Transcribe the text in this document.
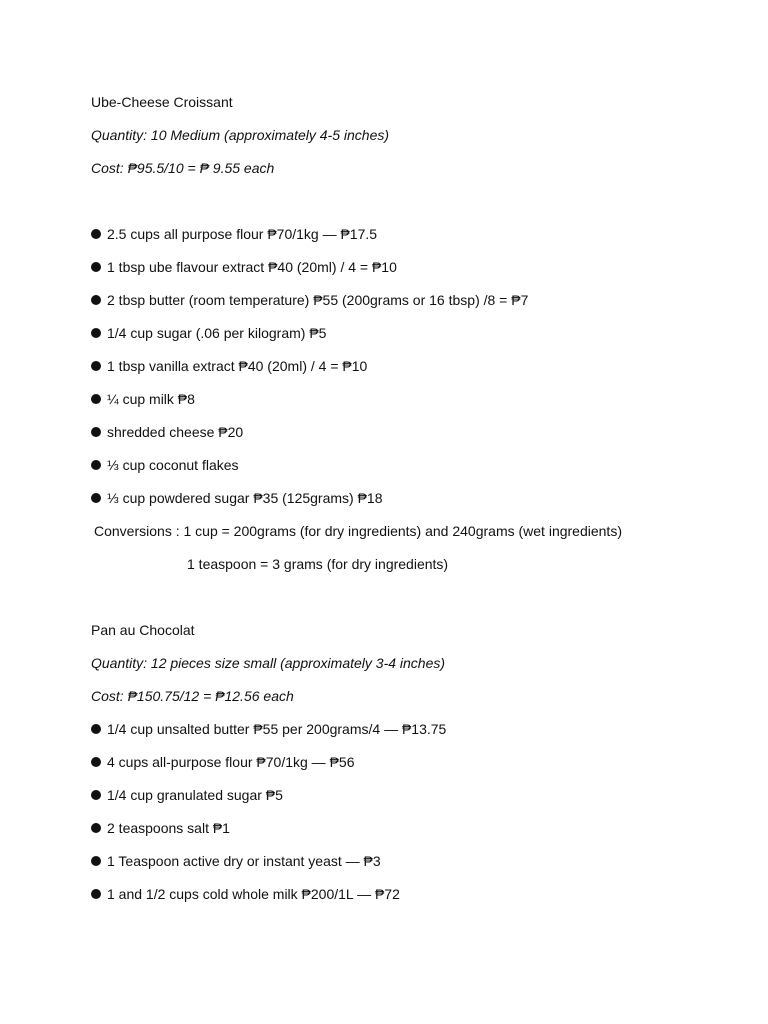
Ube-Cheese Croissant
Quantity: 10 Medium (approximately 4-5 inches)
Cost: ₱95.5/10 = ₱ 9.55 each
2.5 cups all purpose flour ₱70/1kg — ₱17.5
1 tbsp ube flavour extract ₱40 (20ml) / 4 = ₱10
2 tbsp butter (room temperature) ₱55 (200grams or 16 tbsp) /8 = ₱7
1/4 cup sugar (.06 per kilogram) ₱5
1 tbsp vanilla extract ₱40 (20ml) / 4 = ₱10
¼ cup milk ₱8
shredded cheese ₱20
⅓ cup coconut flakes
⅓ cup powdered sugar ₱35 (125grams) ₱18
Conversions : 1 cup = 200grams (for dry ingredients) and 240grams (wet ingredients)
1 teaspoon = 3 grams (for dry ingredients)
Pan au Chocolat
Quantity: 12 pieces size small (approximately 3-4 inches)
Cost: ₱150.75/12 = ₱12.56 each
1/4 cup unsalted butter ₱55 per 200grams/4 — ₱13.75
4 cups all-purpose flour ₱70/1kg — ₱56
1/4 cup granulated sugar ₱5
2 teaspoons salt ₱1
1 Teaspoon active dry or instant yeast — ₱3
1 and 1/2 cups cold whole milk ₱200/1L — ₱72
